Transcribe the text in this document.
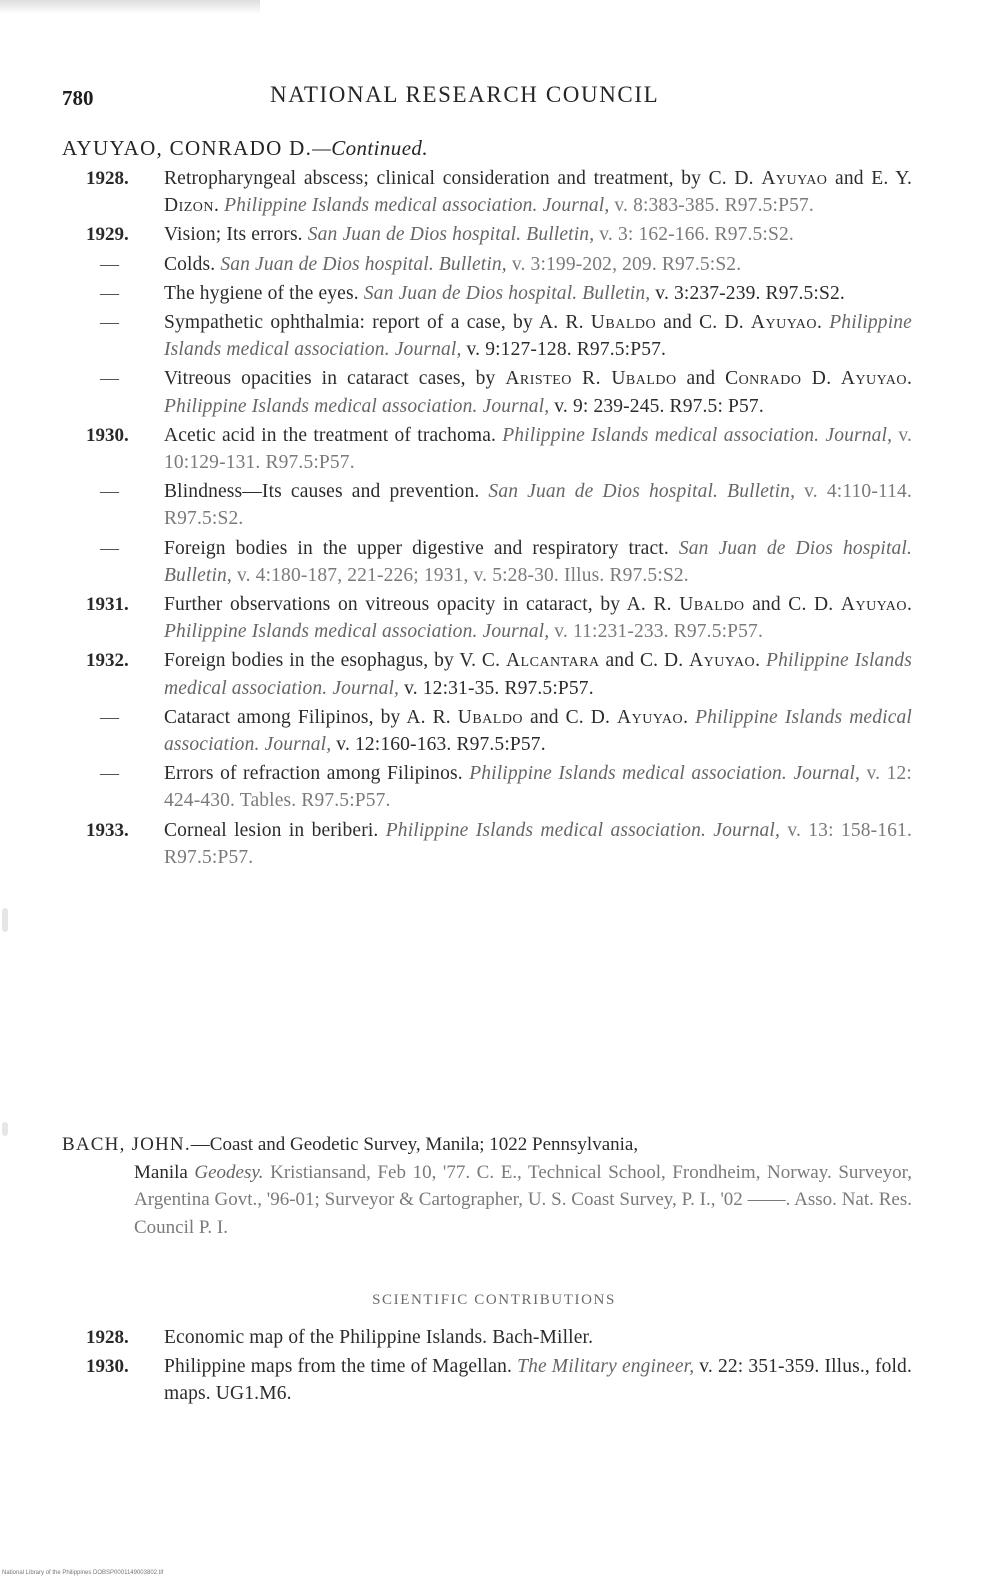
780	NATIONAL RESEARCH COUNCIL
AYUYAO, CONRADO D.—Continued.
1928.	Retropharyngeal abscess; clinical consideration and treatment, by C. D. Ayuyao and E. Y. Dizon. Philippine Islands medical association. Journal, v. 8:383-385. R97.5:P57.
1929.	Vision; Its errors. San Juan de Dios hospital. Bulletin, v. 3: 162-166. R97.5:S2.
—	Colds. San Juan de Dios hospital. Bulletin, v. 3:199-202, 209. R97.5:S2.
—	The hygiene of the eyes. San Juan de Dios hospital. Bulletin, v. 3:237-239. R97.5:S2.
—	Sympathetic ophthalmia: report of a case, by A. R. Ubaldo and C. D. Ayuyao. Philippine Islands medical association. Journal, v. 9:127-128. R97.5:P57.
—	Vitreous opacities in cataract cases, by Aristeo R. Ubaldo and Conrado D. Ayuyao. Philippine Islands medical association. Journal, v. 9: 239-245. R97.5: P57.
1930.	Acetic acid in the treatment of trachoma. Philippine Islands medical association. Journal, v. 10:129-131. R97.5:P57.
—	Blindness—Its causes and prevention. San Juan de Dios hospital. Bulletin, v. 4:110-114. R97.5:S2.
—	Foreign bodies in the upper digestive and respiratory tract. San Juan de Dios hospital. Bulletin, v. 4:180-187, 221-226; 1931, v. 5:28-30. Illus. R97.5:S2.
1931.	Further observations on vitreous opacity in cataract, by A. R. Ubaldo and C. D. Ayuyao. Philippine Islands medical association. Journal, v. 11:231-233. R97.5:P57.
1932.	Foreign bodies in the esophagus, by V. C. Alcantara and C. D. Ayuyao. Philippine Islands medical association. Journal, v. 12:31-35. R97.5:P57.
—	Cataract among Filipinos, by A. R. Ubaldo and C. D. Ayuyao. Philippine Islands medical association. Journal, v. 12:160-163. R97.5:P57.
—	Errors of refraction among Filipinos. Philippine Islands medical association. Journal, v. 12: 424-430. Tables. R97.5:P57.
1933.	Corneal lesion in beriberi. Philippine Islands medical association. Journal, v. 13: 158-161. R97.5:P57.
BACH, JOHN.—Coast and Geodetic Survey, Manila; 1022 Pennsylvania,
Manila Geodesy. Kristiansand, Feb 10, '77. C. E., Technical School, Frondheim, Norway. Surveyor, Argentina Govt., '96-01; Surveyor & Cartographer, U. S. Coast Survey, P. I., '02 ——. Asso. Nat. Res. Council P. I.
SCIENTIFIC CONTRIBUTIONS
1928.	Economic map of the Philippine Islands. Bach-Miller.
1930.	Philippine maps from the time of Magellan. The Military engineer, v. 22: 351-359. Illus., fold. maps. UG1.M6.
National Library of the Philippines DOBSP0001149003802.tif
